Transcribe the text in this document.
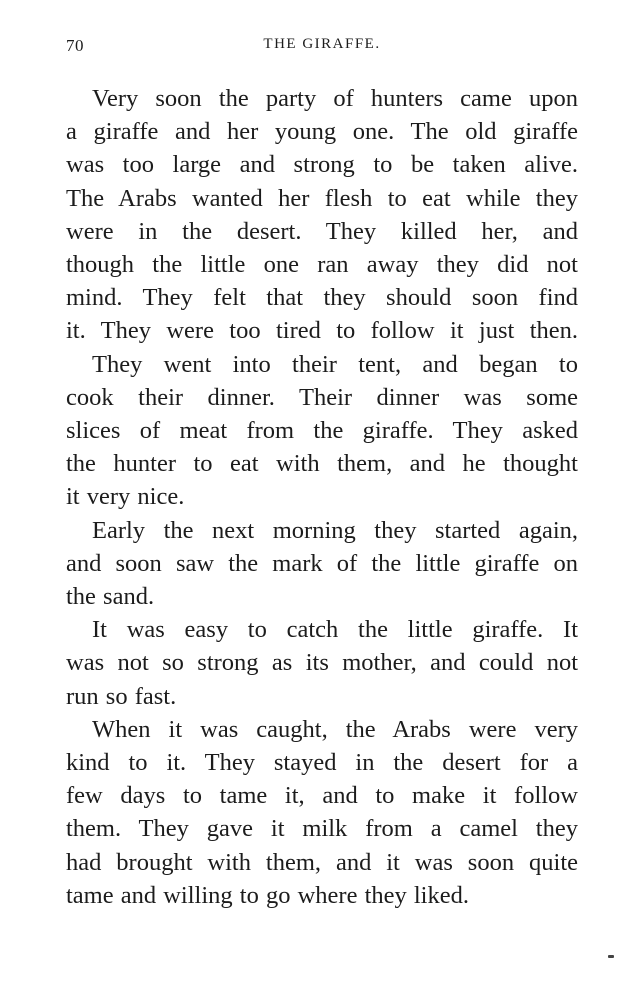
70	THE GIRAFFE.

Very soon the party of hunters came upon
a giraffe and her young one. The old giraffe
was too large and strong to be taken alive.
The Arabs wanted her flesh to eat while they
were in the desert. They killed her, and
though the little one ran away they did not
mind. They felt that they should soon find
it. They were too tired to follow it just then.

They went into their tent, and began to
cook their dinner. Their dinner was some
slices of meat from the giraffe. They asked
the hunter to eat with them, and he thought
it very nice.

Early the next morning they started again,
and soon saw the mark of the little giraffe on
the sand.

It was easy to catch the little giraffe. It
was not so strong as its mother, and could not
run so fast.

When it was caught, the Arabs were very
kind to it. They stayed in the desert for a
few days to tame it, and to make it follow
them. They gave it milk from a camel they
had brought with them, and it was soon quite
tame and willing to go where they liked.
